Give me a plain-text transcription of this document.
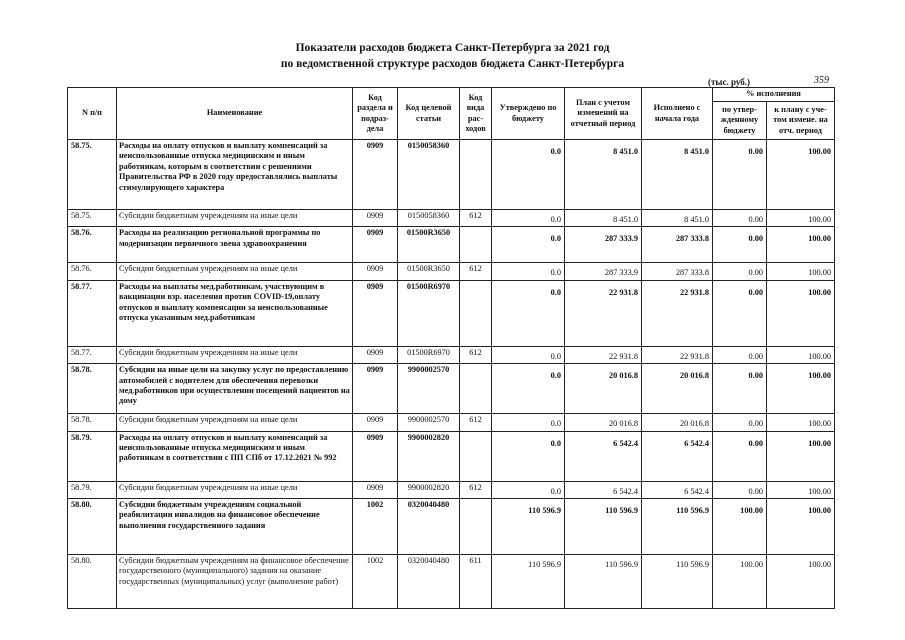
Показатели расходов бюджета Санкт-Петербурга за 2021 год
по ведомственной структуре расходов бюджета Санкт-Петербурга
(тыс. руб.)	359
N п/п	Наименование	Код раздела и подраз-дела	Код целевой статьи	Код вида рас-ходов	Утверждено по бюджету	План с учетом изменений на отчетный период	Исполнено с начала года	% исполнения	
								по утвер-жденному бюджету	к плану с уче-том измене. на отч. период
58.75.	Расходы на оплату отпусков и выплату компенсаций за неиспользованные отпуска медицинским и иным работникам, которым в соответствии с решениями Правительства РФ в 2020 году предоставлялись выплаты стимулирующего характера	0909	0150058360		0.0	8 451.0	8 451.0	0.00	100.00
58.75.	Субсидии бюджетным учреждениям на иные цели	0909	0150058360	612	0.0	8 451.0	8 451.0	0.00	100.00
58.76.	Расходы на реализацию региональной программы по модернизации первичного звена здравоохранения	0909	01500R3650		0.0	287 333.9	287 333.8	0.00	100.00
58.76.	Субсидии бюджетным учреждениям на иные цели	0909	01500R3650	612	0.0	287 333.9	287 333.8	0.00	100.00
58.77.	Расходы на выплаты мед.работникам, участвующим в вакцинации взр. населения против COVID-19,оплату отпусков и выплату компенсации за неиспользованные отпуска указанным мед.работникам	0909	01500R6970		0.0	22 931.8	22 931.8	0.00	100.00
58.77.	Субсидии бюджетным учреждениям на иные цели	0909	01500R6970	612	0.0	22 931.8	22 931.8	0.00	100.00
58.78.	Субсидии на иные цели на закупку услуг по предоставлению автомобилей с водителем для обеспечения перевозки мед.работников при осуществлении посещений пациентов на дому	0909	9900002570		0.0	20 016.8	20 016.8	0.00	100.00
58.78.	Субсидии бюджетным учреждениям на иные цели	0909	9900002570	612	0.0	20 016.8	20 016.8	0.00	100.00
58.79.	Расходы на оплату отпусков и выплату компенсаций за неиспользованные отпуска медицинским и иным работникам в соответствии с ПП СПб от 17.12.2021 № 992	0909	9900002820		0.0	6 542.4	6 542.4	0.00	100.00
58.79.	Субсидии бюджетным учреждениям на иные цели	0909	9900002820	612	0.0	6 542.4	6 542.4	0.00	100.00
58.80.	Субсидии бюджетным учреждениям социальной реабилитации инвалидов на финансовое обеспечение выполнения государственного задания	1002	0320040480		110 596.9	110 596.9	110 596.9	100.00	100.00
58.80.	Субсидии бюджетным учреждениям на финансовое обеспечение государственного (муниципального) задания на оказание государственных (муниципальных) услуг (выполнение работ)	1002	0320040480	611	110 596.9	110 596.9	110 596.9	100.00	100.00
